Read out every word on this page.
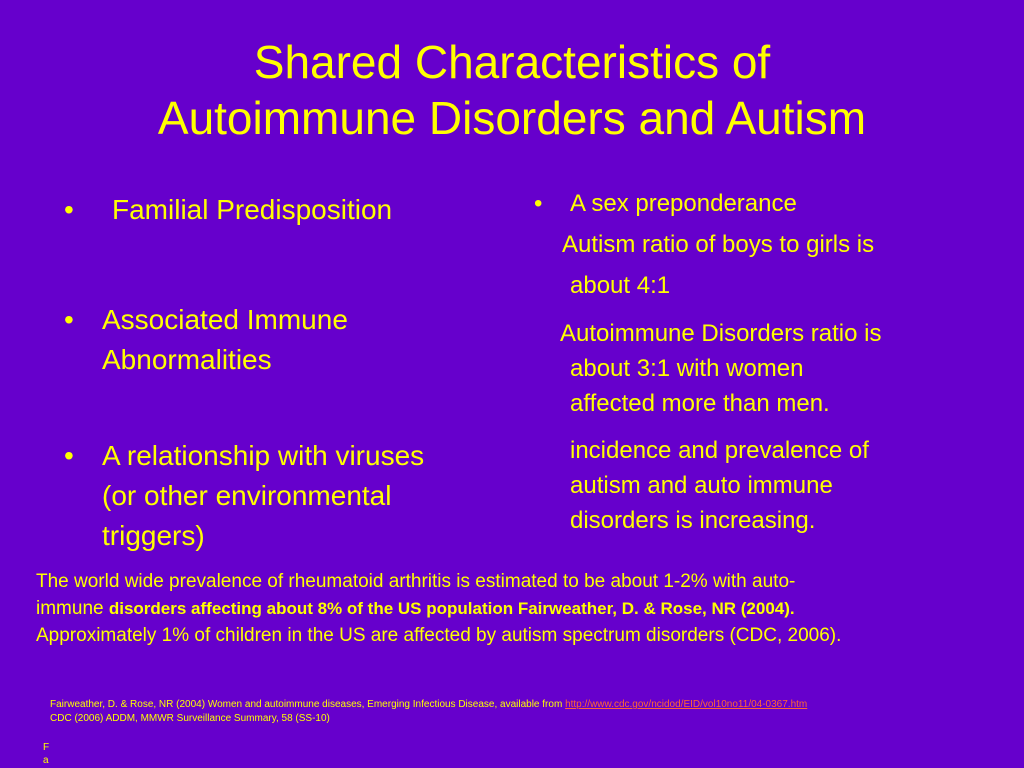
Shared Characteristics of
Autoimmune Disorders and Autism
• Familial Predisposition
• Associated Immune
Abnormalities
• A relationship with viruses
(or other environmental
triggers)
• A sex preponderance
Autism ratio of boys to girls is
about 4:1
Autoimmune Disorders ratio is
about 3:1 with women
affected more than men.
incidence and prevalence of
autism and auto immune
disorders is increasing.
The world wide prevalence of rheumatoid arthritis is estimated to be about 1-2% with auto-
immune disorders affecting about 8% of the US population Fairweather, D. & Rose, NR (2004).
Approximately 1% of children in the US are affected by autism spectrum disorders (CDC, 2006).
Fairweather, D. & Rose, NR (2004) Women and autoimmune diseases, Emerging Infectious Disease, available from http://www.cdc.gov/ncidod/EID/vol10no11/04-0367.htm
CDC (2006) ADDM, MMWR Surveillance Summary, 58 (SS-10)
F
a
